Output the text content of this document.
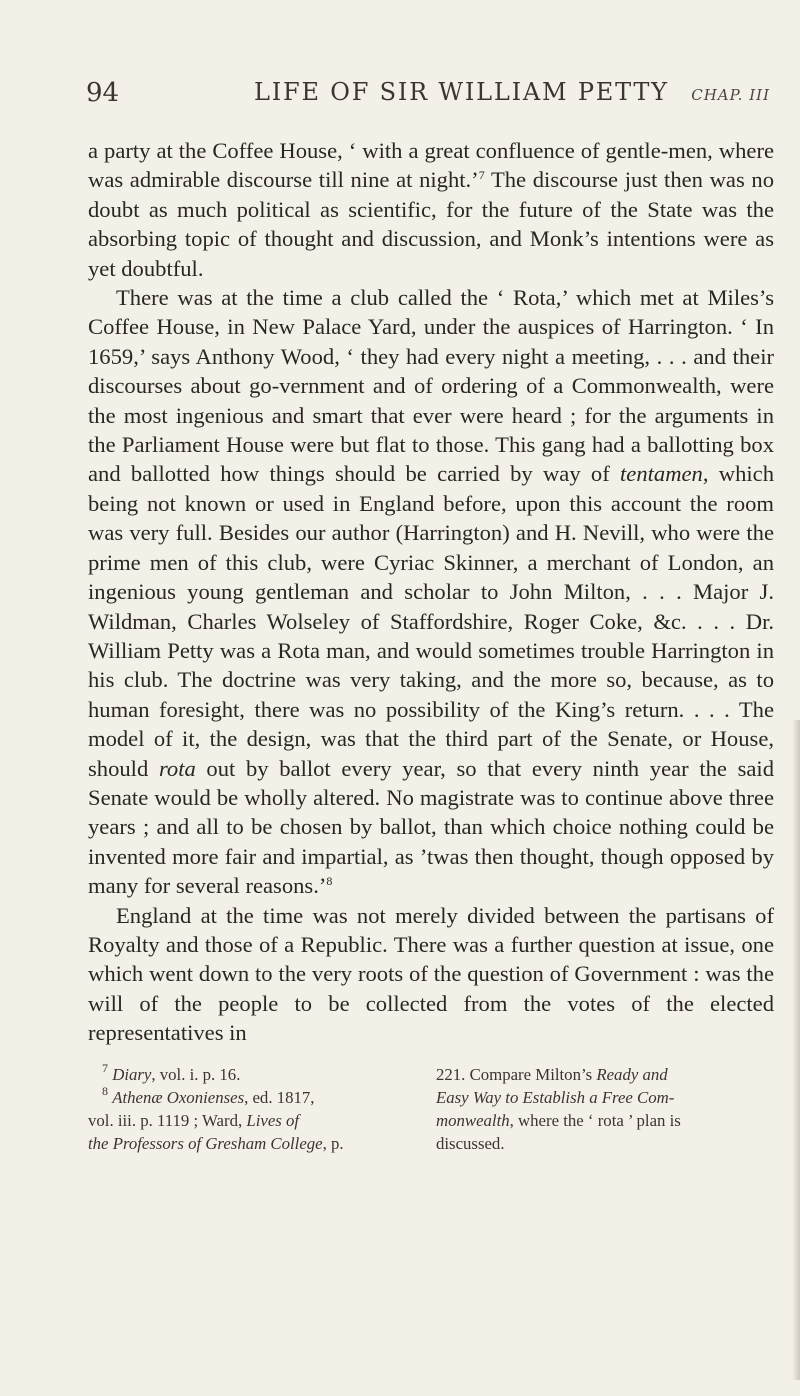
94	LIFE OF SIR WILLIAM PETTY CHAP. III

a party at the Coffee House, ‘ with a great confluence of gentle-men, where was admirable discourse till nine at night.’$^7$ The discourse just then was no doubt as much political as scientific, for the future of the State was the absorbing topic of thought and discussion, and Monk’s intentions were as yet doubtful.

There was at the time a club called the ‘ Rota,’ which met at Miles’s Coffee House, in New Palace Yard, under the auspices of Harrington. ‘ In 1659,’ says Anthony Wood, ‘ they had every night a meeting, . . . and their discourses about go-vernment and of ordering of a Commonwealth, were the most ingenious and smart that ever were heard ; for the arguments in the Parliament House were but flat to those. This gang had a ballotting box and ballotted how things should be carried by way of tentamen, which being not known or used in England before, upon this account the room was very full. Besides our author (Harrington) and H. Nevill, who were the prime men of this club, were Cyriac Skinner, a merchant of London, an ingenious young gentleman and scholar to John Milton, . . . Major J. Wildman, Charles Wolseley of Staffordshire, Roger Coke, &c. . . . Dr. William Petty was a Rota man, and would sometimes trouble Harrington in his club. The doctrine was very taking, and the more so, because, as to human foresight, there was no possibility of the King’s return. . . . The model of it, the design, was that the third part of the Senate, or House, should rota out by ballot every year, so that every ninth year the said Senate would be wholly altered. No magistrate was to continue above three years ; and all to be chosen by ballot, than which choice nothing could be invented more fair and impartial, as ’twas then thought, though opposed by many for several reasons.’$^8$

England at the time was not merely divided between the partisans of Royalty and those of a Republic. There was a further question at issue, one which went down to the very roots of the question of Government : was the will of the people to be collected from the votes of the elected representatives in

$^7$ Diary, vol. i. p. 16.
$^8$ Athenæ Oxonienses, ed. 1817,
vol. iii. p. 1119 ; Ward, Lives of
the Professors of Gresham College, p.
221. Compare Milton’s Ready and
Easy Way to Establish a Free Com-
monwealth, where the ‘ rota ’ plan is
discussed.
